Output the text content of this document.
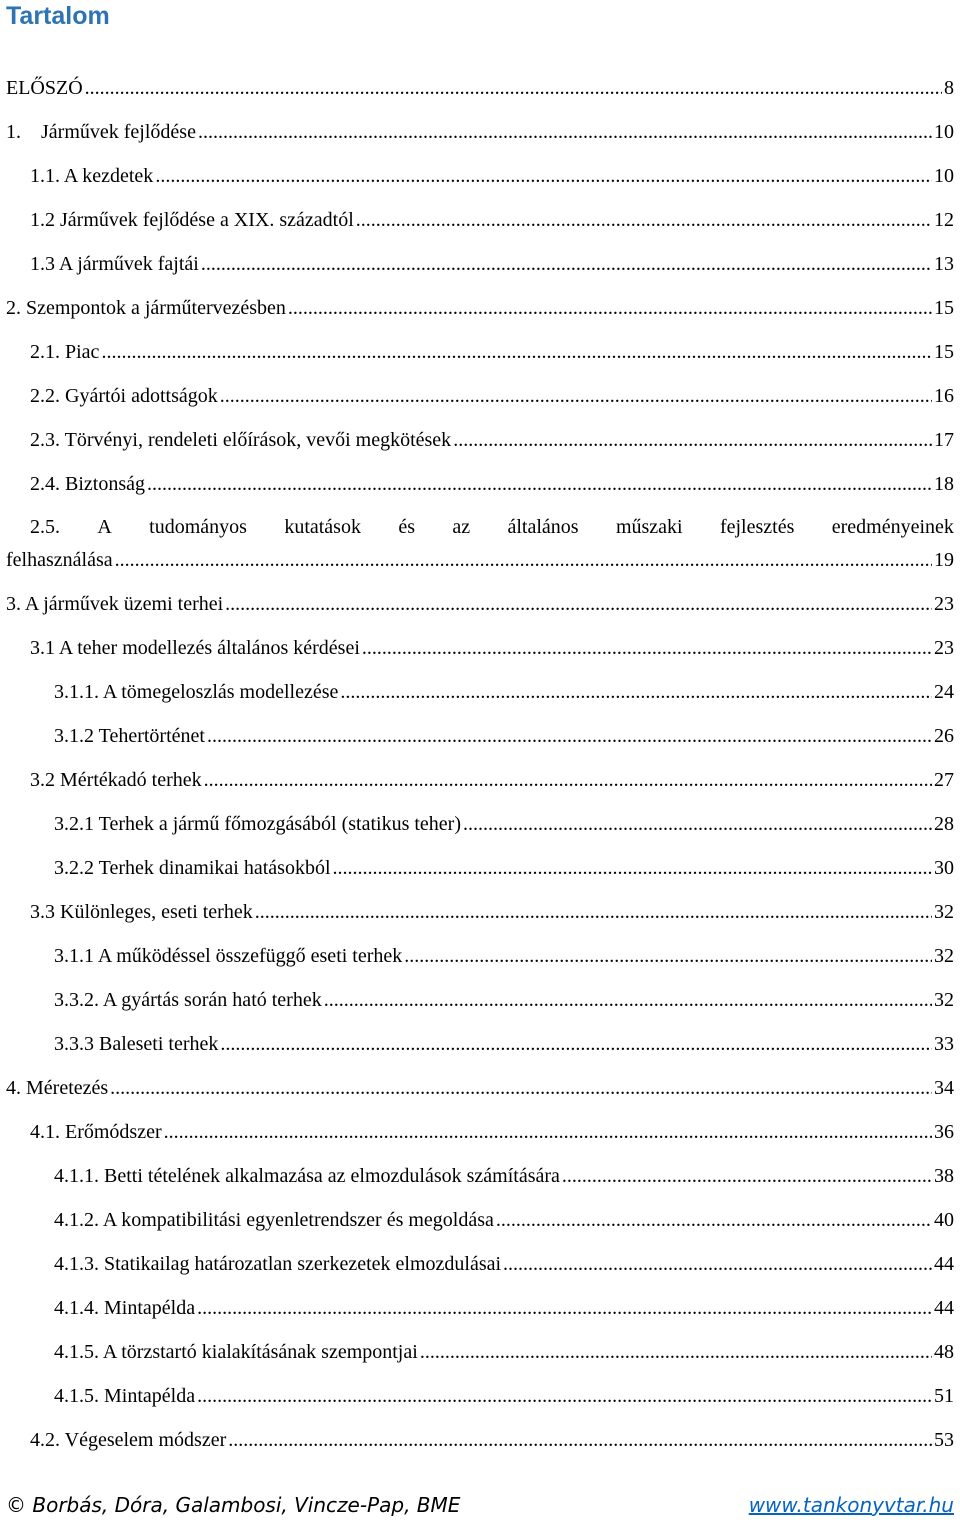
Tartalom
ELŐSZÓ .....	8
1.    Járművek fejlődése .....	10
1.1. A kezdetek .....	10
1.2 Járművek fejlődése a XIX. századtól .....	12
1.3 A járművek fajtái .....	13
2. Szempontok a járműtervezésben .....	15
2.1. Piac .....	15
2.2. Gyártói adottságok .....	16
2.3. Törvényi, rendeleti előírások, vevői megkötések .....	17
2.4. Biztonság .....	18
2.5. A tudományos kutatások és az általános műszaki fejlesztés eredményeinek
felhasználása .....	19
3. A járművek üzemi terhei .....	23
3.1 A teher modellezés általános kérdései .....	23
3.1.1. A tömegeloszlás modellezése .....	24
3.1.2 Tehertörténet .....	26
3.2 Mértékadó terhek .....	27
3.2.1 Terhek a jármű főmozgásából (statikus teher) .....	28
3.2.2 Terhek dinamikai hatásokból .....	30
3.3 Különleges, eseti terhek .....	32
3.1.1 A működéssel összefüggő eseti terhek .....	32
3.3.2. A gyártás során ható terhek .....	32
3.3.3 Baleseti terhek .....	33
4. Méretezés .....	34
4.1. Erőmódszer .....	36
4.1.1. Betti tételének alkalmazása az elmozdulások számítására .....	38
4.1.2. A kompatibilitási egyenletrendszer és megoldása .....	40
4.1.3. Statikailag határozatlan szerkezetek elmozdulásai .....	44
4.1.4. Mintapélda .....	44
4.1.5. A törzstartó kialakításának szempontjai .....	48
4.1.5. Mintapélda .....	51
4.2. Végeselem módszer .....	53
© Borbás, Dóra, Galambosi, Vincze-Pap, BME	www.tankonyvtar.hu
